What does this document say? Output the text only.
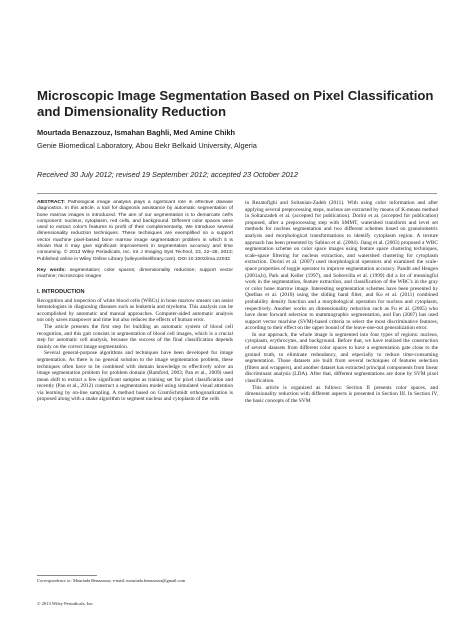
Microscopic Image Segmentation Based on Pixel Classification and Dimensionality Reduction

Mourtada Benazzouz, Ismahan Baghli, Med Amine Chikh

Genie Biomedical Laboratory, Abou Bekr Belkaid University, Algeria

Received 30 July 2012; revised 19 September 2012; accepted 23 October 2012

ABSTRACT: Pathological image analysis plays a significant role in effective disease diagnostics. In this article, a tool for diagnosis assistance by automatic segmentation of bone marrow images is introduced. The aim of our segmentation is to demarcate cell's component: nucleus, cytoplasm, red cells, and background. Different color spaces were used to extract color's features to profit of their complementarity. We introduce several dimensionality reduction techniques. These techniques are exemplified on a support vector machine pixel-based bone marrow image segmentation problem in which it is shown that it may give significant improvement in segmentation accuracy and time consuming. © 2013 Wiley Periodicals, Inc. Int J Imaging Syst Technol, 23, 22–28, 2013; Published online in Wiley Online Library (wileyonlinelibrary.com). DOI 10.1002/ima.22032

Key words: segmentation; color spaces; dimensionality reduction; support vector machine; microscopic images

I. INTRODUCTION

Recognition and inspection of white blood cells (WBCs) in bone marrow smears can assist hematologists in diagnosing diseases such as leukemia and myeloma. This analysis can be accomplished by automatic and manual approaches. Computer-aided automatic analysis not only saves manpower and time but also reduces the effects of human error.

The article presents the first step for building an automatic system of blood cell recognition, and this gait consists in segmentation of blood cell images, which is a crucial step for automatic cell analysis, because the success of the final classification depends mainly on the correct image segmentation.

Several general-purpose algorithms and techniques have been developed for image segmentation. As there is no general solution to the image segmentation problem, these techniques often have to be combined with domain knowledge to effectively solve an image segmentation problem for problem domain (Bamford, 2003; Pan et al., 2009) used mean shift to extract a few significant samples as training set for pixel classification and recently (Pan et al., 2012) construct a segmentation model using simulated visual attention via learning by on-line sampling. A method based on GramSchmidt orthogonalization is proposed along with a snake algorithm to segment nucleus and cytoplasm of the cells

in Rezatofighi and Soltanian-Zadeh (2011). With using color information and after applying several preprocessing steps, nucleus are extracted by means of K-means method in Soltanzadeh et al. (accepted for publication). Dorini et al. (accepted for publication) proposed, after a preprocessing step with SMMT, watershed transform and level set methods for nucleus segmentation and two different schemes based on granulometric analysis and morphological transformations to identify cytoplasm region. A texture approach has been presented by Sabino et al. (2004). Jiang et al. (2003) proposed a WBC segmentation scheme on color space images using feature space clustering techniques, scale-space filtering for nucleus extraction, and watershed clustering for cytoplasm extraction. Dorini et al. (2007) used morphological operators and examined the scale-space properties of toggle operator to improve segmentation accuracy. Pandit and Hengen (2001a,b), Park and Keller (1997), and Sobrevilla et al. (1999) did a lot of meaningful work in the segmentation, feature extraction, and classification of the WBC's in the gray or color bone marrow image. Interesting segmentation schemes have been presented by Quelhas et al. (2010) using the sliding band filter, and Ko et al. (2011) combined probability density function and a morphological operation for nucleus and cytoplasm, respectively. Another works on dimensionality reduction such as Fu et al. (2005) who have done forward selection to mammographic segmentation, and Fan (2007) has used support vector machine (SVM)-based criteria to select the most discriminative features, according to their effect on the upper bound of the leave-one-out generalization error.

In our approach, the whole image is segmented into four types of regions: nucleus, cytoplasm, erythrocytes, and background. Before that, we have realized the construction of several datasets from different color spaces to have a segmentation gate close to the ground truth, to eliminate redundancy, and especially to reduce time-consuming segmentation. Those datasets are built from several techniques of features selection (filters and wrappers), and another dataset has extracted principal components from linear discriminant analysis (LDA). After that, different segmentations are done by SVM pixel classification.

This article is organized as follows: Section II presents color spaces, and dimensionality reduction with different aspects is presented in Section III. In Section IV, the basic concepts of the SVM

Correspondence to: Mourtada Benazzouz; e-mail: mourtada.benazzouz@gmail.com

© 2013 Wiley Periodicals, Inc.
